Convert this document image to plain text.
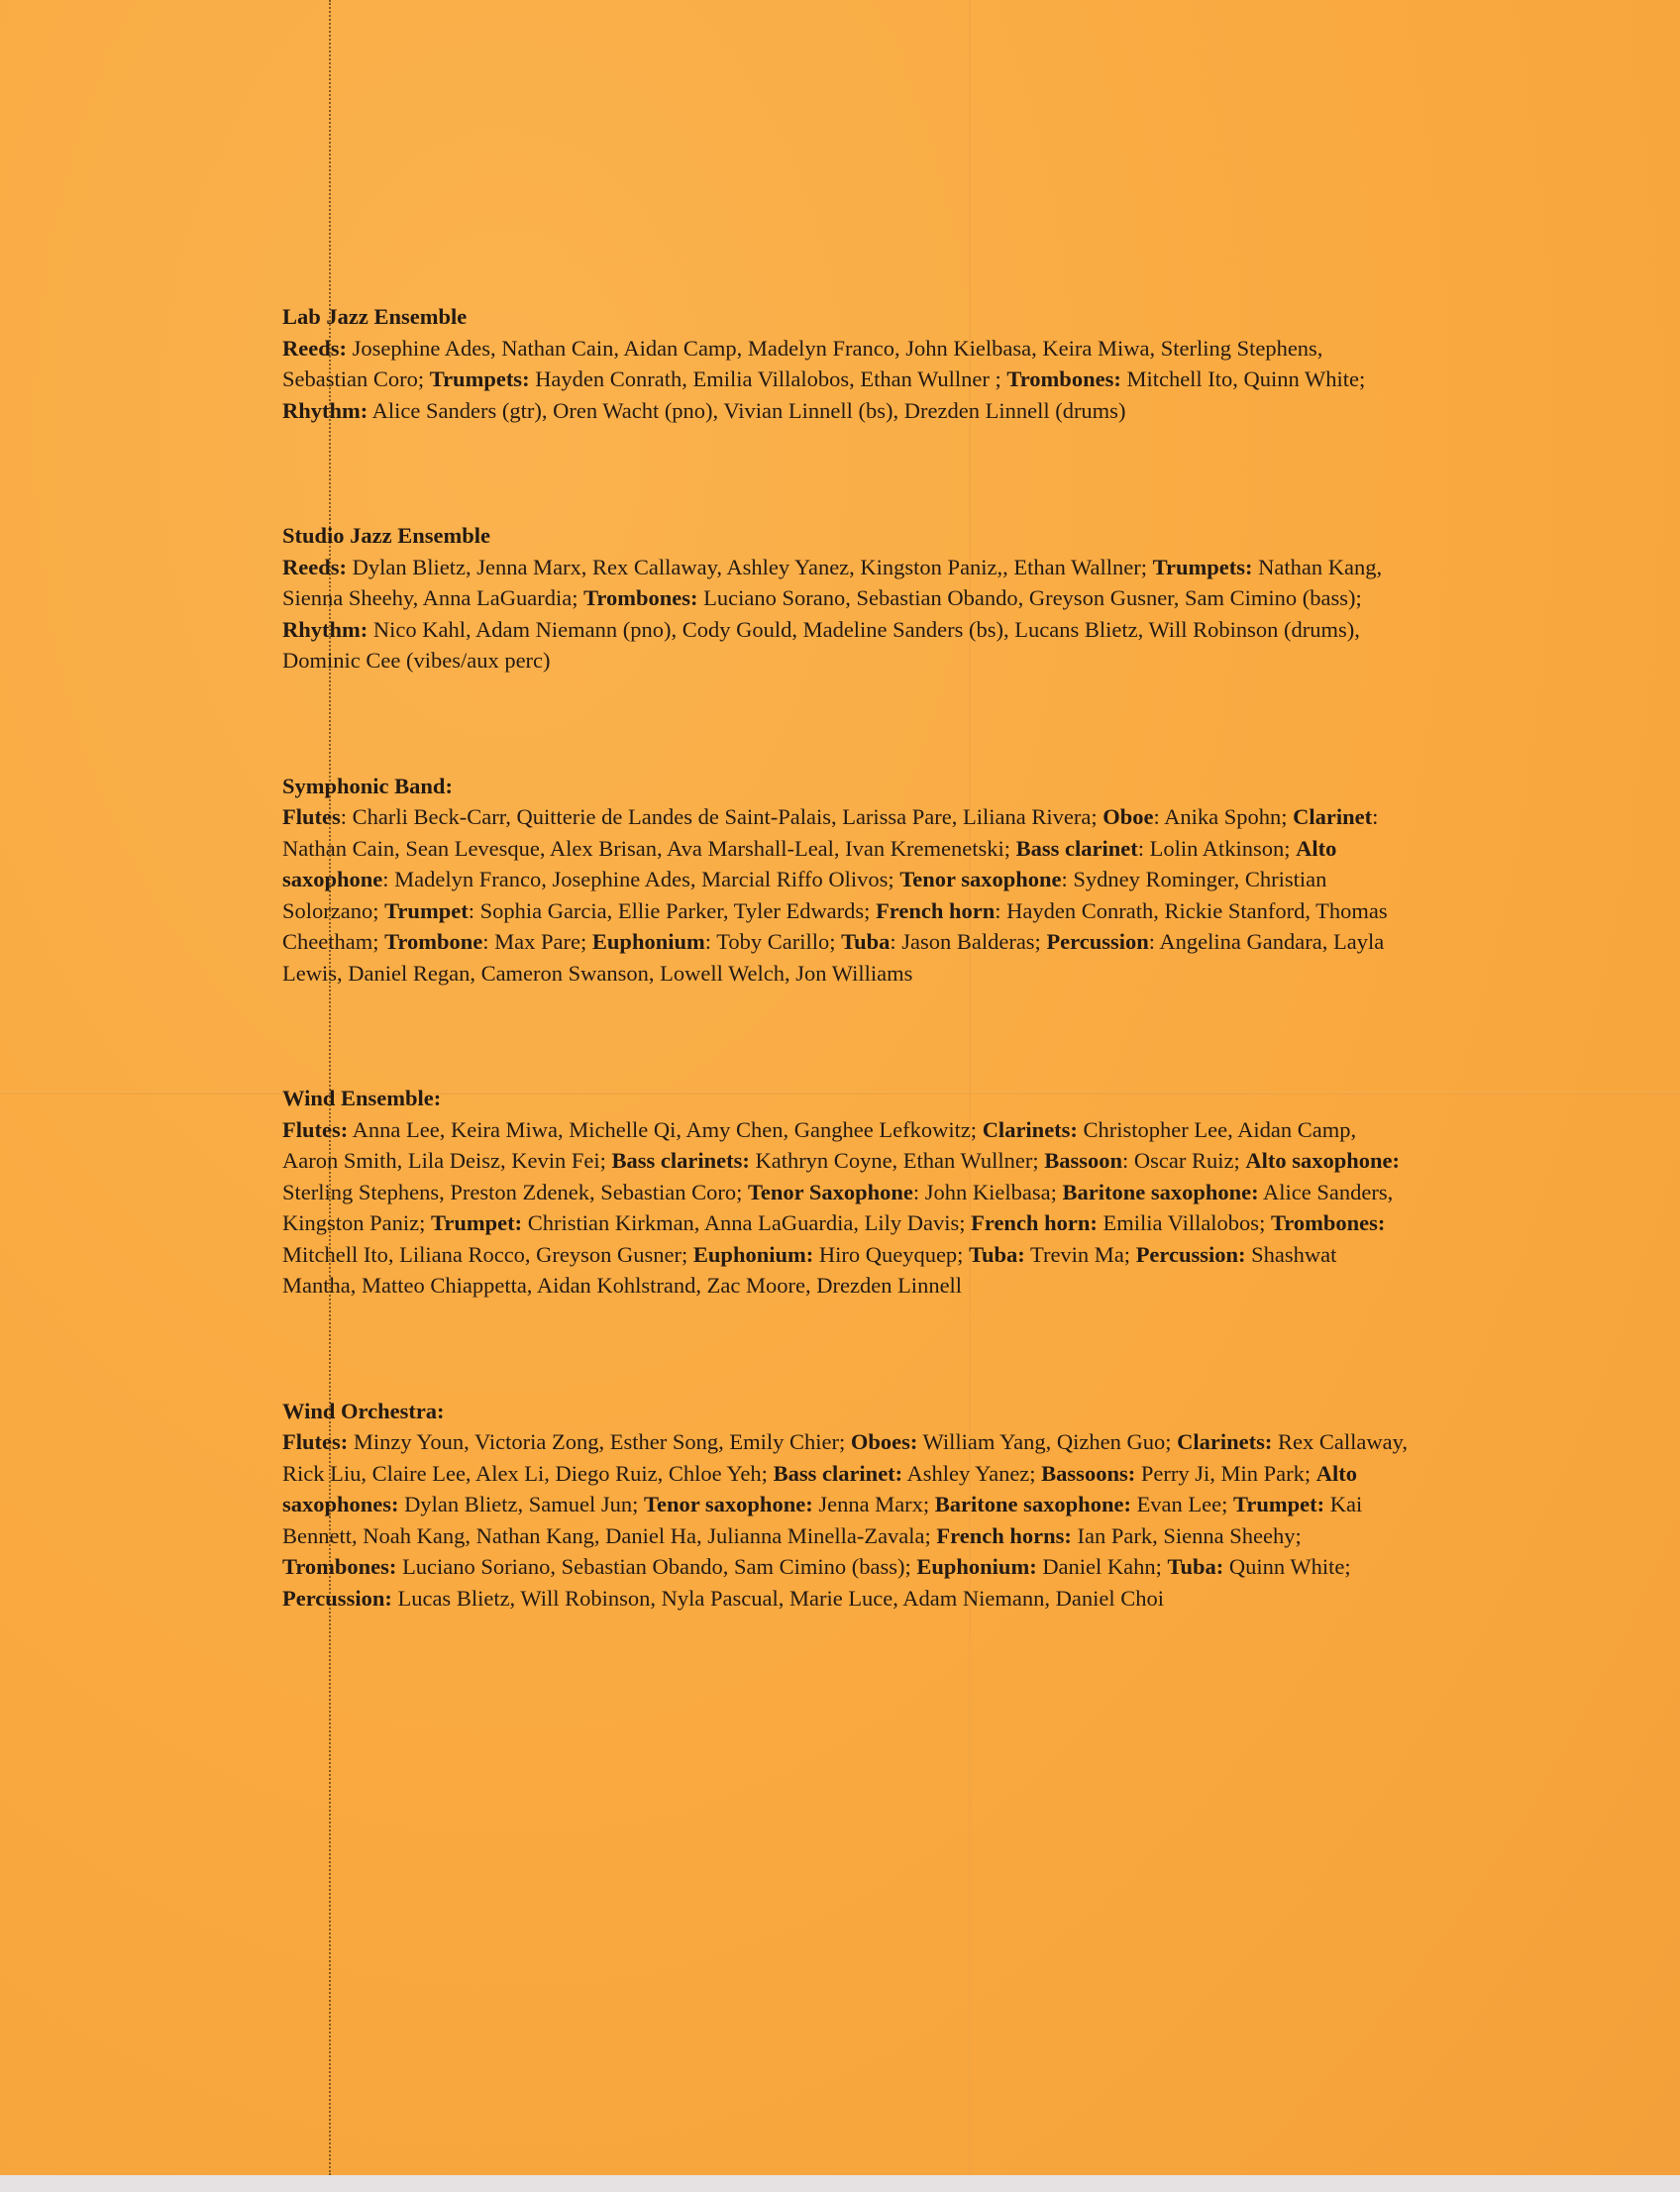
Lab Jazz Ensemble
Reeds: Josephine Ades, Nathan Cain, Aidan Camp, Madelyn Franco, John Kielbasa, Keira Miwa, Sterling Stephens, Sebastian Coro; Trumpets: Hayden Conrath, Emilia Villalobos, Ethan Wullner ; Trombones: Mitchell Ito, Quinn White; Rhythm: Alice Sanders (gtr), Oren Wacht (pno), Vivian Linnell (bs), Drezden Linnell (drums)
Studio Jazz Ensemble
Reeds: Dylan Blietz, Jenna Marx, Rex Callaway, Ashley Yanez, Kingston Paniz,, Ethan Wallner; Trumpets: Nathan Kang, Sienna Sheehy, Anna LaGuardia; Trombones: Luciano Sorano, Sebastian Obando, Greyson Gusner, Sam Cimino (bass); Rhythm: Nico Kahl, Adam Niemann (pno), Cody Gould, Madeline Sanders (bs), Lucans Blietz, Will Robinson (drums), Dominic Cee (vibes/aux perc)
Symphonic Band:
Flutes: Charli Beck-Carr, Quitterie de Landes de Saint-Palais, Larissa Pare, Liliana Rivera; Oboe: Anika Spohn; Clarinet: Nathan Cain, Sean Levesque, Alex Brisan, Ava Marshall-Leal, Ivan Kremenetski; Bass clarinet: Lolin Atkinson; Alto saxophone: Madelyn Franco, Josephine Ades, Marcial Riffo Olivos; Tenor saxophone: Sydney Rominger, Christian Solorzano; Trumpet: Sophia Garcia, Ellie Parker, Tyler Edwards; French horn: Hayden Conrath, Rickie Stanford, Thomas Cheetham; Trombone: Max Pare; Euphonium: Toby Carillo; Tuba: Jason Balderas; Percussion: Angelina Gandara, Layla Lewis, Daniel Regan, Cameron Swanson, Lowell Welch, Jon Williams
Wind Ensemble:
Flutes: Anna Lee, Keira Miwa, Michelle Qi, Amy Chen, Ganghee Lefkowitz; Clarinets: Christopher Lee, Aidan Camp, Aaron Smith, Lila Deisz, Kevin Fei; Bass clarinets: Kathryn Coyne, Ethan Wullner; Bassoon: Oscar Ruiz; Alto saxophone: Sterling Stephens, Preston Zdenek, Sebastian Coro; Tenor Saxophone: John Kielbasa; Baritone saxophone: Alice Sanders, Kingston Paniz; Trumpet: Christian Kirkman, Anna LaGuardia, Lily Davis; French horn: Emilia Villalobos; Trombones: Mitchell Ito, Liliana Rocco, Greyson Gusner; Euphonium: Hiro Queyquep; Tuba: Trevin Ma; Percussion: Shashwat Mantha, Matteo Chiappetta, Aidan Kohlstrand, Zac Moore, Drezden Linnell
Wind Orchestra:
Flutes: Minzy Youn, Victoria Zong, Esther Song, Emily Chier; Oboes: William Yang, Qizhen Guo; Clarinets: Rex Callaway, Rick Liu, Claire Lee, Alex Li, Diego Ruiz, Chloe Yeh; Bass clarinet: Ashley Yanez; Bassoons: Perry Ji, Min Park; Alto saxophones: Dylan Blietz, Samuel Jun; Tenor saxophone: Jenna Marx; Baritone saxophone: Evan Lee; Trumpet: Kai Bennett, Noah Kang, Nathan Kang, Daniel Ha, Julianna Minella-Zavala; French horns: Ian Park, Sienna Sheehy; Trombones: Luciano Soriano, Sebastian Obando, Sam Cimino (bass); Euphonium: Daniel Kahn; Tuba: Quinn White; Percussion: Lucas Blietz, Will Robinson, Nyla Pascual, Marie Luce, Adam Niemann, Daniel Choi
